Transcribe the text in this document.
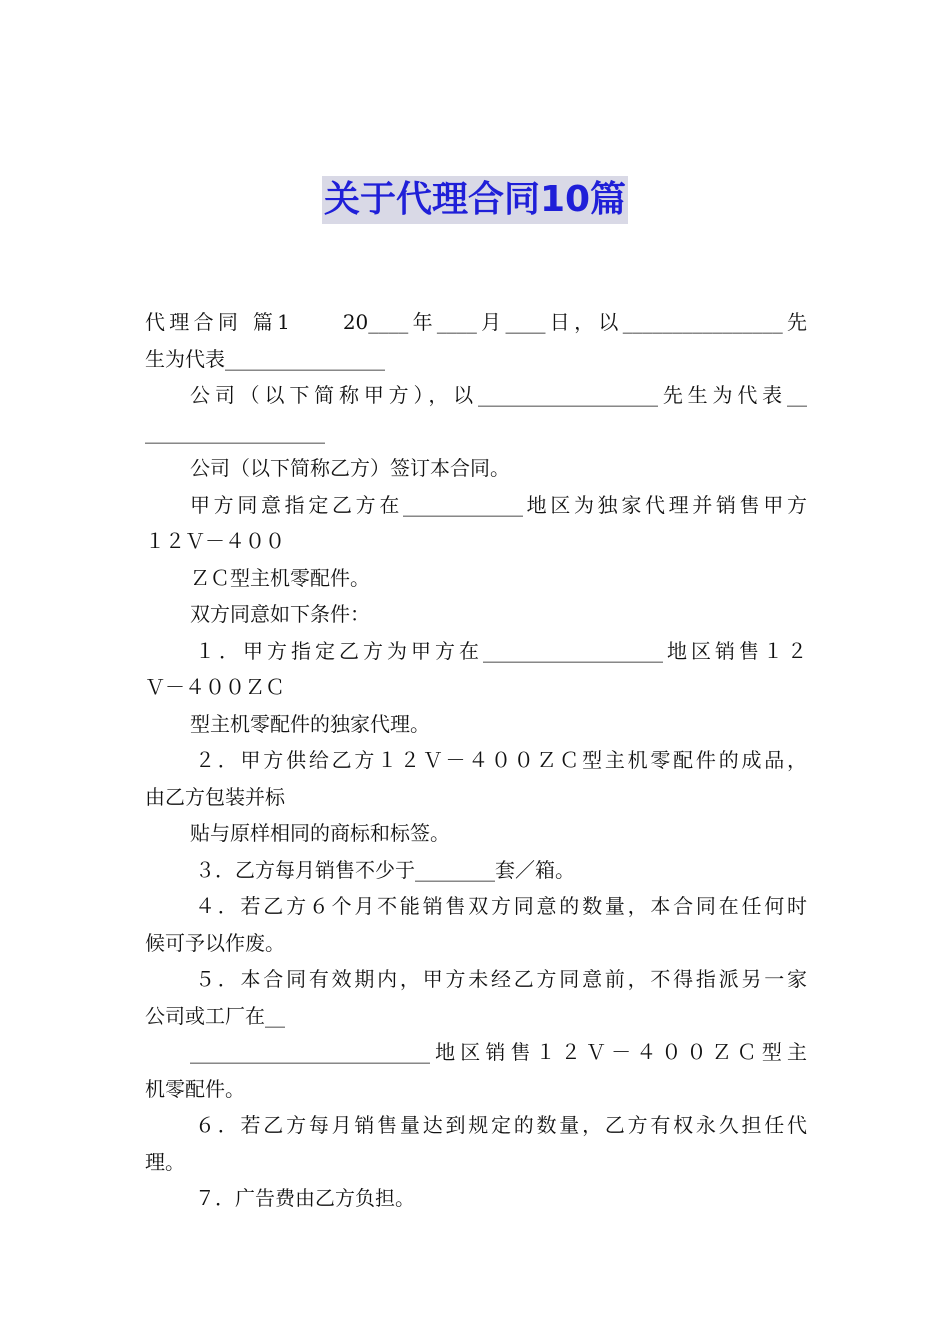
关于代理合同10篇
代理合同 篇1　　20____年____月____日，以________________先
生为代表________________
公司（以下简称甲方），以__________________先生为代表__
__________________
公司（以下简称乙方）签订本合同。
甲方同意指定乙方在____________地区为独家代理并销售甲方
１２Ｖ－４００
ＺＣ型主机零配件。
双方同意如下条件：
１．甲方指定乙方为甲方在__________________地区销售１２
Ｖ－４００ＺＣ
型主机零配件的独家代理。
２．甲方供给乙方１２Ｖ－４００ＺＣ型主机零配件的成品，
由乙方包装并标
贴与原样相同的商标和标签。
３．乙方每月销售不少于________套／箱。
４．若乙方６个月不能销售双方同意的数量，本合同在任何时
候可予以作废。
５．本合同有效期内，甲方未经乙方同意前，不得指派另一家
公司或工厂在__
________________________地区销售１２Ｖ－４００ＺＣ型主
机零配件。
６．若乙方每月销售量达到规定的数量，乙方有权永久担任代
理。
７．广告费由乙方负担。
